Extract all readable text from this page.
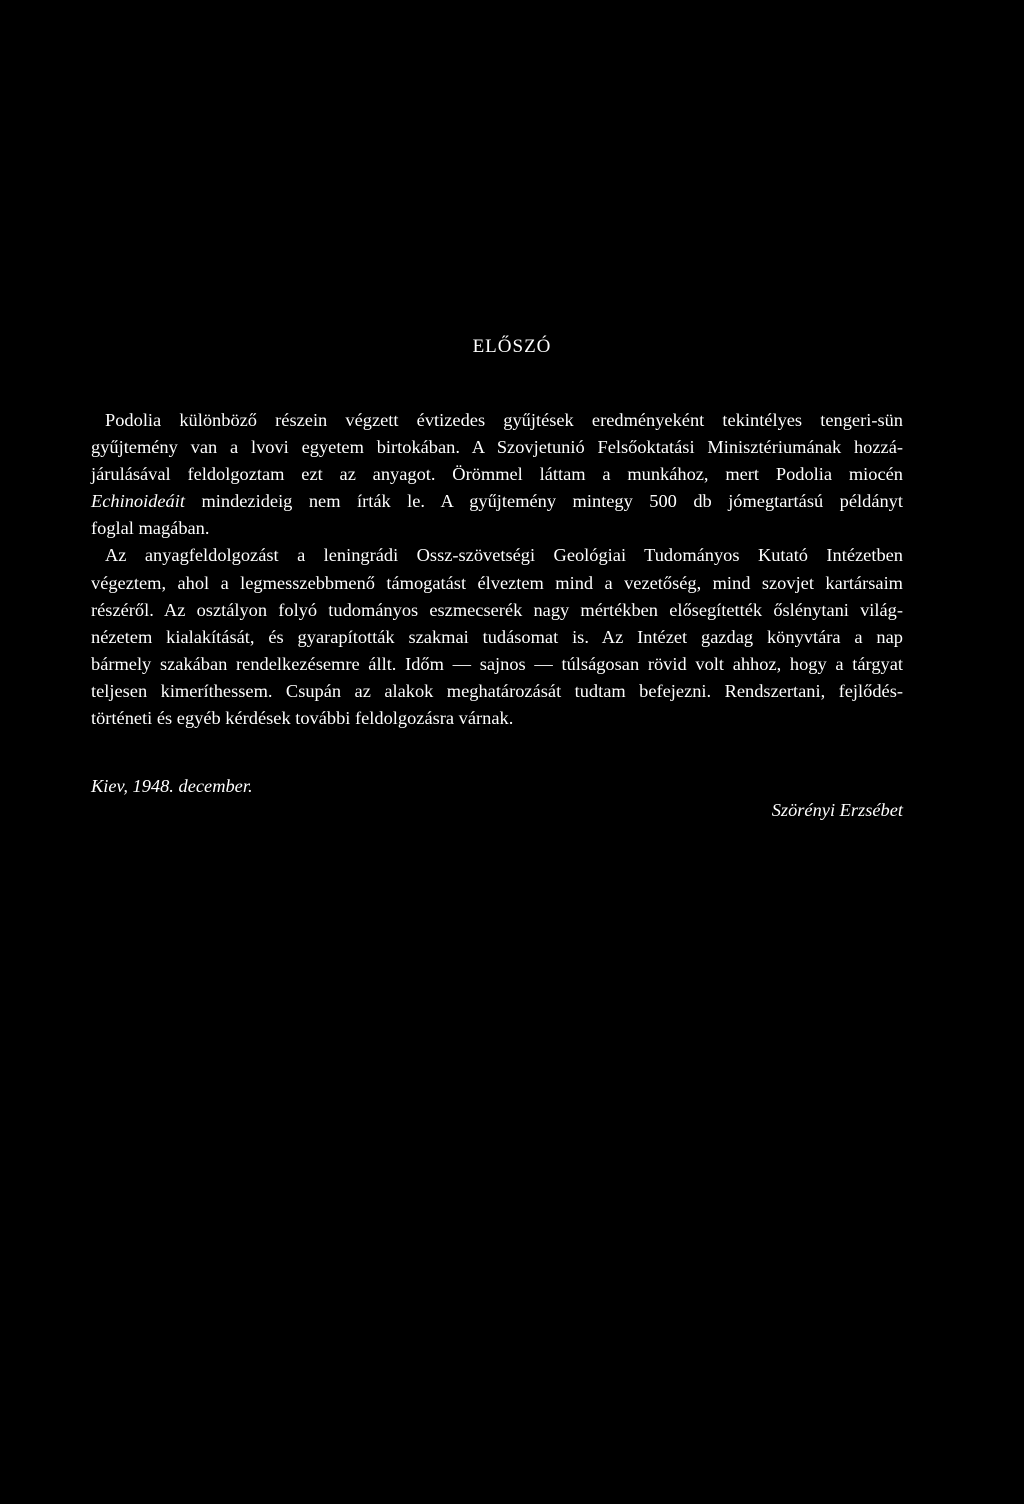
ELŐSZÓ
Podolia különböző részein végzett évtizedes gyűjtések eredményeként tekintélyes tengeri-sün
gyűjtemény van a lvovi egyetem birtokában. A Szovjetunió Felsőoktatási Minisztériumának hozzá-
járulásával feldolgoztam ezt az anyagot. Örömmel láttam a munkához, mert Podolia miocén
Echinoideáit mindezideig nem írták le. A gyűjtemény mintegy 500 db jómegtartású példányt
foglal magában.
Az anyagfeldolgozást a leningrádi Ossz-szövetségi Geológiai Tudományos Kutató Intézetben
végeztem, ahol a legmesszebbmenő támogatást élveztem mind a vezetőség, mind szovjet kartársaim
részéről. Az osztályon folyó tudományos eszmecserék nagy mértékben elősegítették őslénytani világ-
nézetem kialakítását, és gyarapították szakmai tudásomat is. Az Intézet gazdag könyvtára a nap
bármely szakában rendelkezésemre állt. Időm — sajnos — túlságosan rövid volt ahhoz, hogy a tárgyat
teljesen kimeríthessem. Csupán az alakok meghatározását tudtam befejezni. Rendszertani, fejlődés-
történeti és egyéb kérdések további feldolgozásra várnak.
Kiev, 1948. december.
Szörényi Erzsébet
